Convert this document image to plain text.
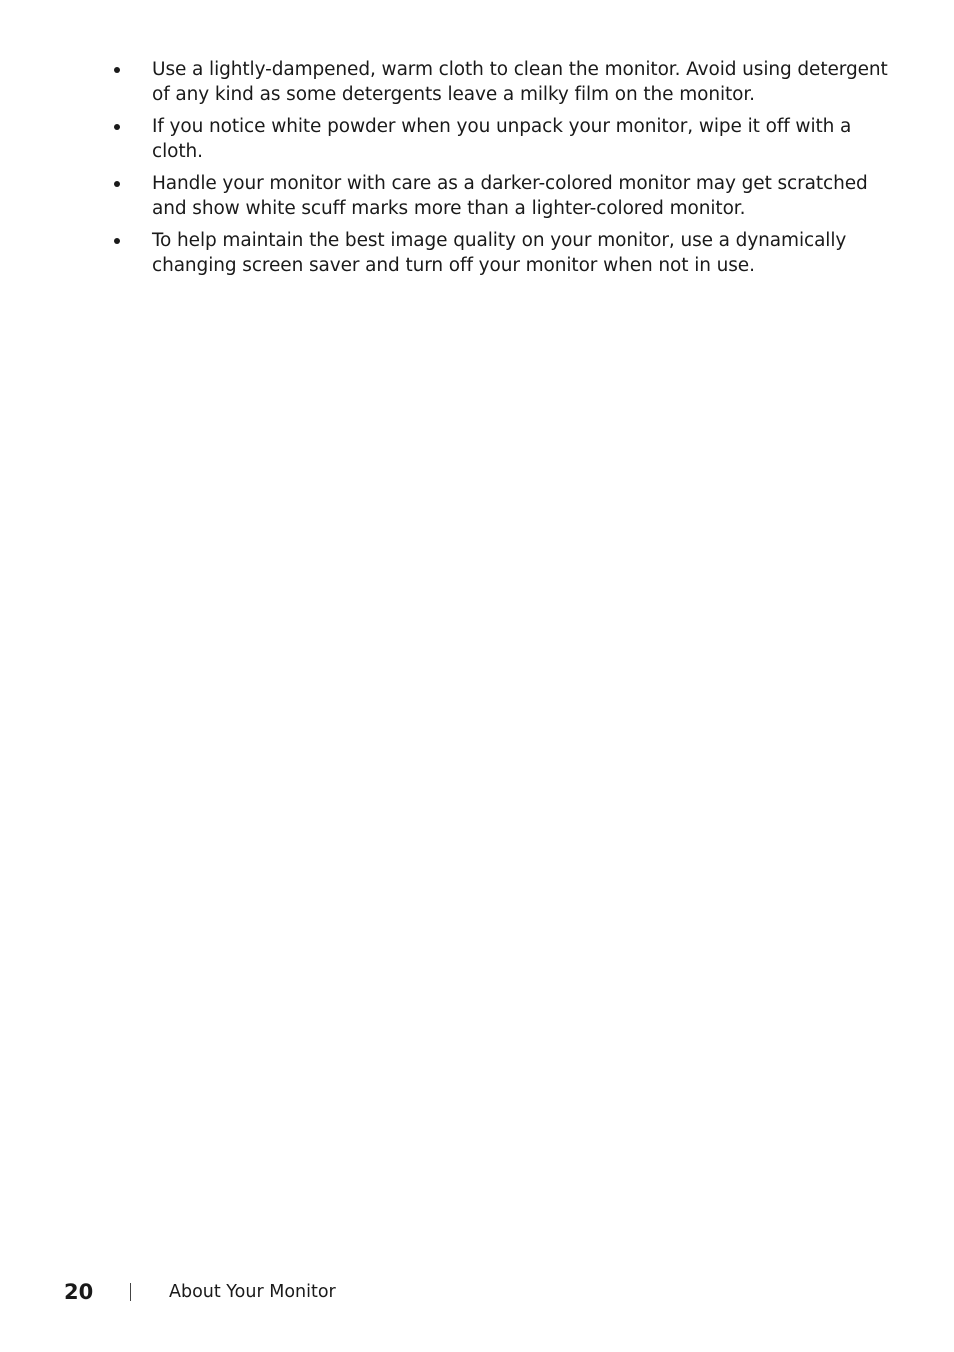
Use a lightly-dampened, warm cloth to clean the monitor. Avoid using detergent of any kind as some detergents leave a milky film on the monitor.
If you notice white powder when you unpack your monitor, wipe it off with a cloth.
Handle your monitor with care as a darker-colored monitor may get scratched and show white scuff marks more than a lighter-colored monitor.
To help maintain the best image quality on your monitor, use a dynamically changing screen saver and turn off your monitor when not in use.
20	About Your Monitor
